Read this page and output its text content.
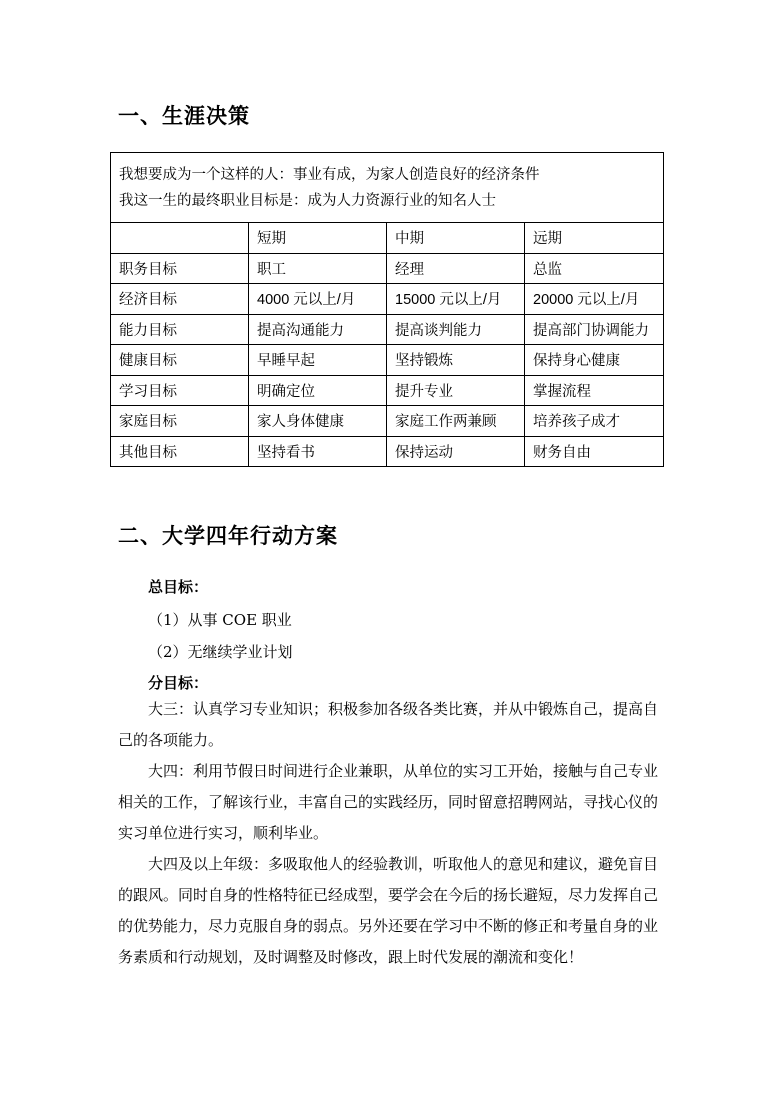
一、生涯决策
我想要成为一个这样的人：事业有成，为家人创造良好的经济条件
我这一生的最终职业目标是：成为人力资源行业的知名人士			

	短期	中期	远期
职务目标	职工	经理	总监
经济目标	4000 元以上/月	15000 元以上/月	20000 元以上/月
能力目标	提高沟通能力	提高谈判能力	提高部门协调能力
健康目标	早睡早起	坚持锻炼	保持身心健康
学习目标	明确定位	提升专业	掌握流程
家庭目标	家人身体健康	家庭工作两兼顾	培养孩子成才
其他目标	坚持看书	保持运动	财务自由
二、大学四年行动方案
总目标：
（1）从事 COE 职业
（2）无继续学业计划
分目标：

大三：认真学习专业知识；积极参加各级各类比赛，并从中锻炼自己，提高自己的各项能力。

大四：利用节假日时间进行企业兼职，从单位的实习工开始，接触与自己专业相关的工作，了解该行业，丰富自己的实践经历，同时留意招聘网站，寻找心仪的实习单位进行实习，顺利毕业。

大四及以上年级：多吸取他人的经验教训，听取他人的意见和建议，避免盲目的跟风。同时自身的性格特征已经成型，要学会在今后的扬长避短，尽力发挥自己的优势能力，尽力克服自身的弱点。另外还要在学习中不断的修正和考量自身的业务素质和行动规划，及时调整及时修改，跟上时代发展的潮流和变化！
